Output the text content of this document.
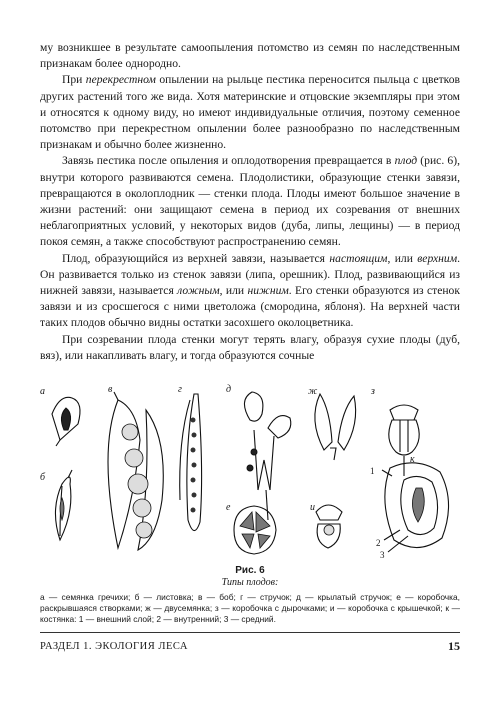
му возникшее в результате самоопыления потомство из семян по наследственным признакам более однородно.

При перекрестном опылении на рыльце пестика переносится пыльца с цветков других растений того же вида. Хотя материнские и отцовские экземпляры при этом и относятся к одному виду, но имеют индивидуальные отличия, поэтому семенное потомство при перекрестном опылении более разнообразно по наследственным признакам и обычно более жизненно.

Завязь пестика после опыления и оплодотворения превращается в плод (рис. 6), внутри которого развиваются семена. Плодолистики, образующие стенки завязи, превращаются в околоплодник — стенки плода. Плоды имеют большое значение в жизни растений: они защищают семена в период их созревания от внешних неблагоприятных условий, у некоторых видов (дуба, липы, лещины) — в период покоя семян, а также способствуют распространению семян.

Плод, образующийся из верхней завязи, называется настоящим, или верхним. Он развивается только из стенок завязи (липа, орешник). Плод, развивающийся из нижней завязи, называется ложным, или нижним. Его стенки образуются из стенок завязи и из сросшегося с ними цветоложа (смородина, яблоня). На верхней части таких плодов обычно видны остатки засохшего околоцветника.

При созревании плода стенки могут терять влагу, образуя сухие плоды (дуб, вяз), или накапливать влагу, и тогда образуются сочные

а
б
в	г	д	ж	з
е	и
к
1
2
3
Рис. 6
Типы плодов:
а — семянка гречихи; б — листовка; в — боб; г — стручок; д — крылатый стручок; е — коробочка, раскрывшаяся створками; ж — двусемянка; з — коробочка с дырочками; и — коробочка с крышечкой; к — костянка: 1 — внешний слой; 2 — внутренний; 3 — средний.
РАЗДЕЛ 1. ЭКОЛОГИЯ ЛЕСА	15
